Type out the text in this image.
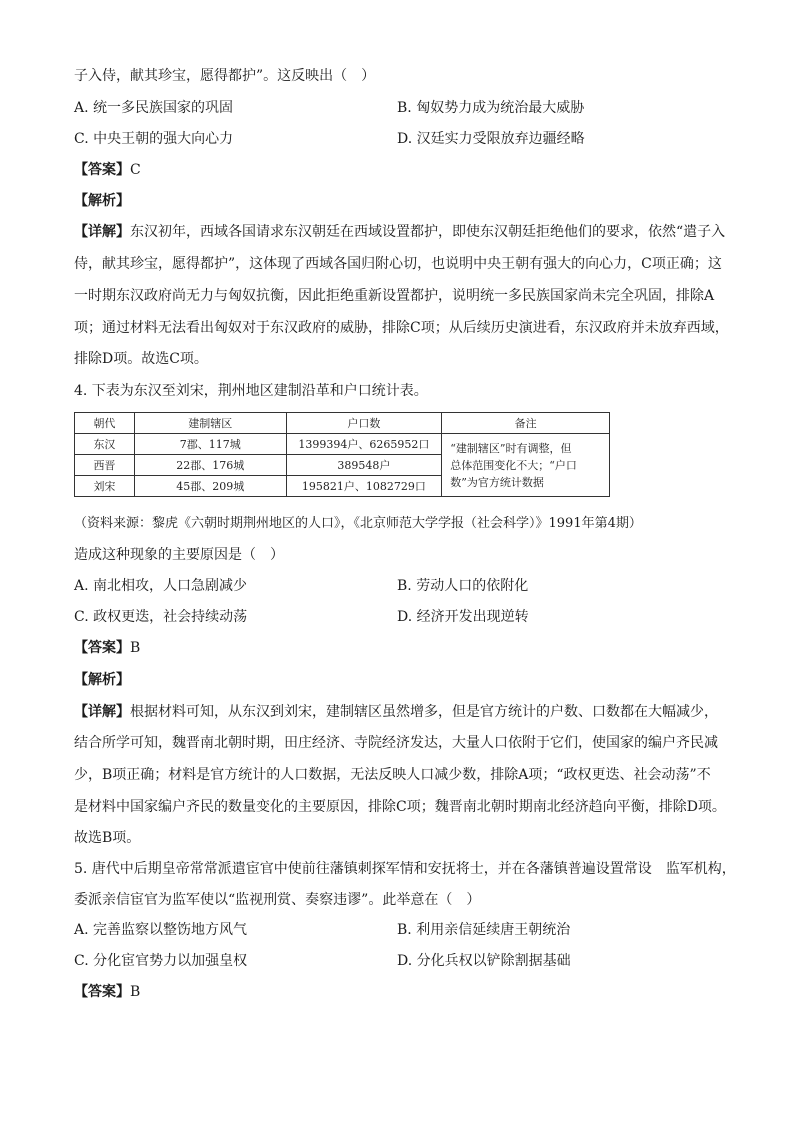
子入侍，献其珍宝，愿得都护”。这反映出（　）
A. 统一多民族国家的巩固	B. 匈奴势力成为统治最大威胁
C. 中央王朝的强大向心力	D. 汉廷实力受限放弃边疆经略
【答案】C
【解析】
【详解】东汉初年，西域各国请求东汉朝廷在西域设置都护，即使东汉朝廷拒绝他们的要求，依然“遣子入
侍，献其珍宝，愿得都护”，这体现了西域各国归附心切，也说明中央王朝有强大的向心力，C项正确；这
一时期东汉政府尚无力与匈奴抗衡，因此拒绝重新设置都护，说明统一多民族国家尚未完全巩固，排除A
项；通过材料无法看出匈奴对于东汉政府的威胁，排除C项；从后续历史演进看，东汉政府并未放弃西域，
排除D项。故选C项。
4. 下表为东汉至刘宋，荆州地区建制沿革和户口统计表。
朝代	建制辖区	户口数	备注
东汉	7郡、117城	1399394户、6265952口	“建制辖区”时有调整，但
总体范围变化不大；“户口
数”为官方统计数据

西晋	22郡、176城	389548户	
刘宋	45郡、209城	195821户、1082729口	
（资料来源：黎虎《六朝时期荆州地区的人口》，《北京师范大学学报（社会科学）》1991年第4期）
造成这种现象的主要原因是（　）
A. 南北相攻，人口急剧减少	B. 劳动人口的依附化
C. 政权更迭，社会持续动荡	D. 经济开发出现逆转
【答案】B
【解析】
【详解】根据材料可知，从东汉到刘宋，建制辖区虽然增多，但是官方统计的户数、口数都在大幅减少，
结合所学可知，魏晋南北朝时期，田庄经济、寺院经济发达，大量人口依附于它们，使国家的编户齐民减
少，B项正确；材料是官方统计的人口数据，无法反映人口减少数，排除A项；“政权更迭、社会动荡”不
是材料中国家编户齐民的数量变化的主要原因，排除C项；魏晋南北朝时期南北经济趋向平衡，排除D项。
故选B项。
5. 唐代中后期皇帝常常派遣宦官中使前往藩镇刺探军情和安抚将士，并在各藩镇普遍设置常设　监军机构，
委派亲信宦官为监军使以“监视刑赏、奏察违谬”。此举意在（　）
A. 完善监察以整饬地方风气	B. 利用亲信延续唐王朝统治
C. 分化宦官势力以加强皇权	D. 分化兵权以铲除割据基础
【答案】B
